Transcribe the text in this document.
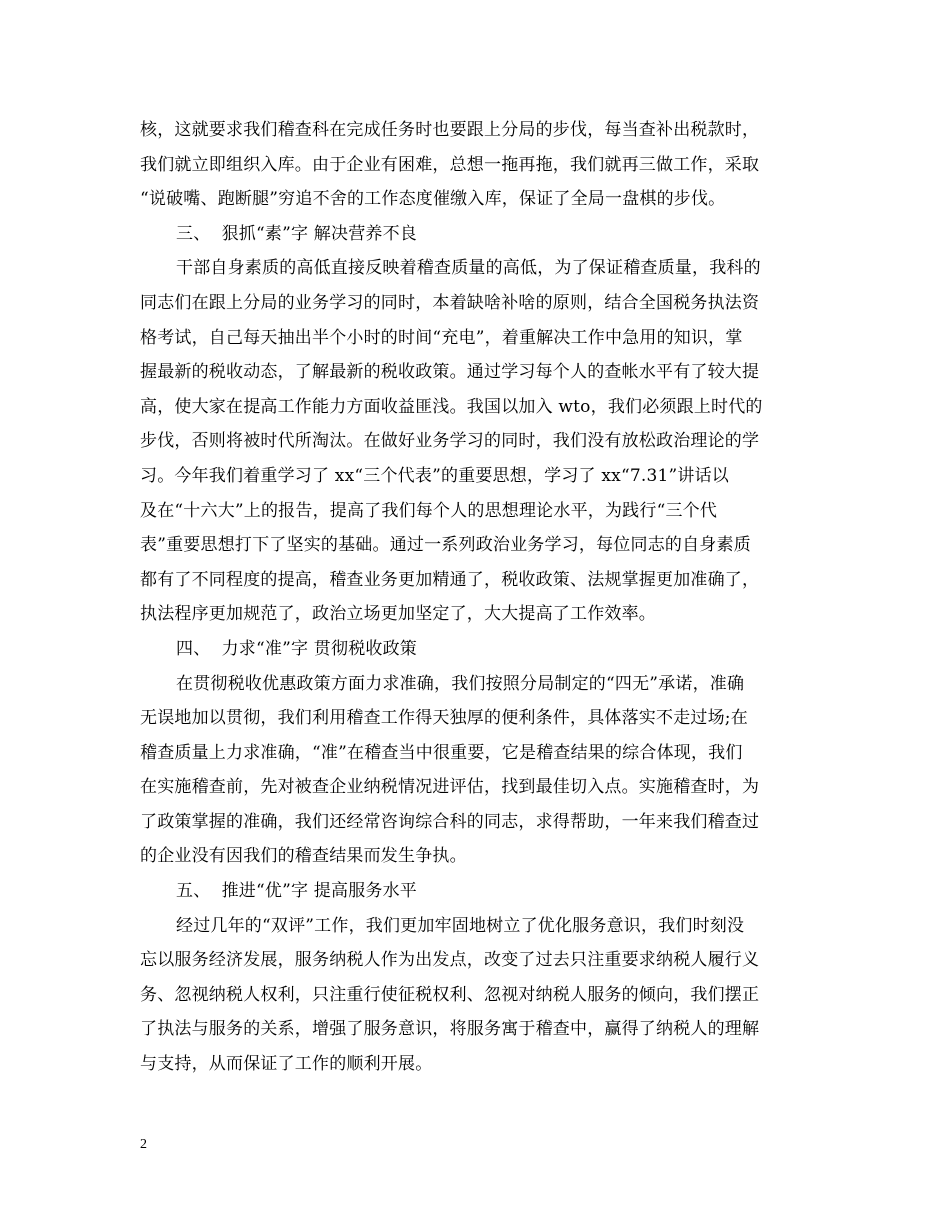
核，这就要求我们稽查科在完成任务时也要跟上分局的步伐，每当查补出税款时，
我们就立即组织入库。由于企业有困难，总想一拖再拖，我们就再三做工作，采取
“说破嘴、跑断腿”穷追不舍的工作态度催缴入库，保证了全局一盘棋的步伐。
三、  狠抓“素”字 解决营养不良
干部自身素质的高低直接反映着稽查质量的高低，为了保证稽查质量，我科的
同志们在跟上分局的业务学习的同时，本着缺啥补啥的原则，结合全国税务执法资
格考试，自己每天抽出半个小时的时间“充电”，着重解决工作中急用的知识，掌
握最新的税收动态，了解最新的税收政策。通过学习每个人的查帐水平有了较大提
高，使大家在提高工作能力方面收益匪浅。我国以加入 wto，我们必须跟上时代的
步伐，否则将被时代所淘汰。在做好业务学习的同时，我们没有放松政治理论的学
习。今年我们着重学习了 xx“三个代表”的重要思想，学习了 xx“7.31”讲话以
及在“十六大”上的报告，提高了我们每个人的思想理论水平，为践行“三个代
表”重要思想打下了坚实的基础。通过一系列政治业务学习，每位同志的自身素质
都有了不同程度的提高，稽查业务更加精通了，税收政策、法规掌握更加准确了，
执法程序更加规范了，政治立场更加坚定了，大大提高了工作效率。
四、  力求“准”字 贯彻税收政策
在贯彻税收优惠政策方面力求准确，我们按照分局制定的“四无”承诺，准确
无误地加以贯彻，我们利用稽查工作得天独厚的便利条件，具体落实不走过场;在
稽查质量上力求准确，“准”在稽查当中很重要，它是稽查结果的综合体现，我们
在实施稽查前，先对被查企业纳税情况进评估，找到最佳切入点。实施稽查时，为
了政策掌握的准确，我们还经常咨询综合科的同志，求得帮助，一年来我们稽查过
的企业没有因我们的稽查结果而发生争执。
五、  推进“优”字 提高服务水平
经过几年的“双评”工作，我们更加牢固地树立了优化服务意识，我们时刻没
忘以服务经济发展，服务纳税人作为出发点，改变了过去只注重要求纳税人履行义
务、忽视纳税人权利，只注重行使征税权利、忽视对纳税人服务的倾向，我们摆正
了执法与服务的关系，增强了服务意识，将服务寓于稽查中，赢得了纳税人的理解
与支持，从而保证了工作的顺利开展。
2
